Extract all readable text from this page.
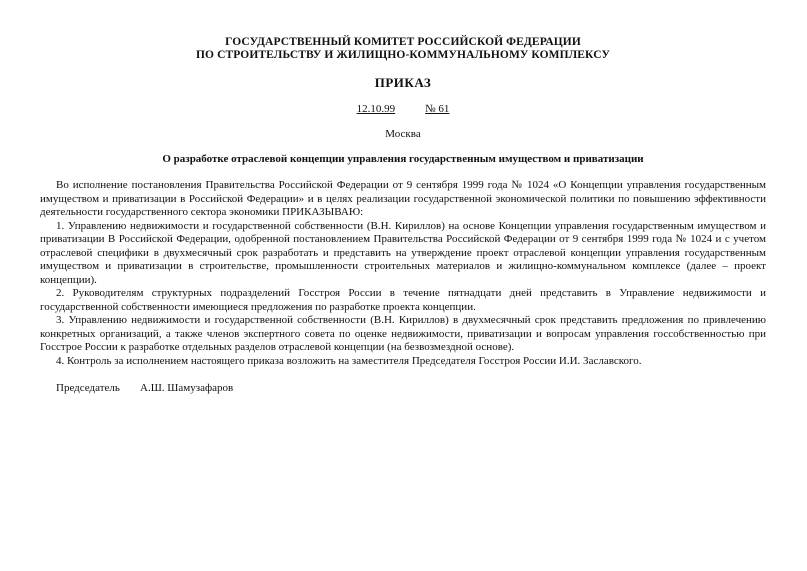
ГОСУДАРСТВЕННЫЙ КОМИТЕТ РОССИЙСКОЙ ФЕДЕРАЦИИ
ПО СТРОИТЕЛЬСТВУ И ЖИЛИЩНО-КОММУНАЛЬНОМУ КОМПЛЕКСУ
ПРИКАЗ
12.10.99	№ 61
Москва
О разработке отраслевой концепции управления государственным имуществом и приватизации

Во исполнение постановления Правительства Российской Федерации от 9 сентября 1999 года № 1024 «О Концепции управления государственным имуществом и приватизации в Российской Федерации» и в целях реализации государственной экономической политики по повышению эффективности деятельности государственного сектора экономики ПРИКАЗЫВАЮ:

1. Управлению недвижимости и государственной собственности (В.Н. Кириллов) на основе Концепции управления государственным имуществом и приватизации В Российской Федерации, одобренной постановлением Правительства Российской Федерации от 9 сентября 1999 года № 1024 и с учетом отраслевой специфики в двухмесячный срок разработать и представить на утверждение проект отраслевой концепции управления государственным имуществом и приватизации в строительстве, промышленности строительных материалов и жилищно-коммунальном комплексе (далее – проект концепции).

2. Руководителям структурных подразделений Госстроя России в течение пятнадцати дней представить в Управление недвижимости и государственной собственности имеющиеся предложения по разработке проекта концепции.

3. Управлению недвижимости и государственной собственности (В.Н. Кириллов) в двухмесячный срок представить предложения по привлечению конкретных организаций, а также членов экспертного совета по оценке недвижимости, приватизации и вопросам управления госсобственностью при Госстрое России к разработке отдельных разделов отраслевой концепции (на безвозмездной основе).

4. Контроль за исполнением настоящего приказа возложить на заместителя Председателя Госстроя России И.И. Заславского.

Председатель А.Ш. Шамузафаров
